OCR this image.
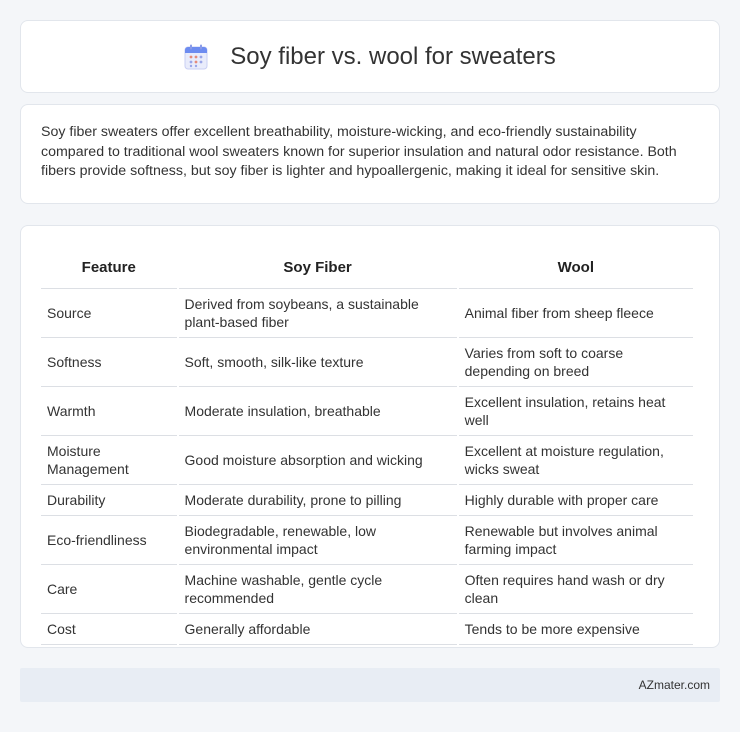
Soy fiber vs. wool for sweaters

Soy fiber sweaters offer excellent breathability, moisture-wicking, and eco-friendly sustainability compared to traditional wool sweaters known for superior insulation and natural odor resistance. Both fibers provide softness, but soy fiber is lighter and hypoallergenic, making it ideal for sensitive skin.

Feature	Soy Fiber	Wool
Source	Derived from soybeans, a sustainable plant-based fiber	Animal fiber from sheep fleece
Softness	Soft, smooth, silk-like texture	Varies from soft to coarse depending on breed
Warmth	Moderate insulation, breathable	Excellent insulation, retains heat well
Moisture Management	Good moisture absorption and wicking	Excellent at moisture regulation, wicks sweat
Durability	Moderate durability, prone to pilling	Highly durable with proper care
Eco-friendliness	Biodegradable, renewable, low environmental impact	Renewable but involves animal farming impact
Care	Machine washable, gentle cycle recommended	Often requires hand wash or dry clean
Cost	Generally affordable	Tends to be more expensive
AZmater.com
